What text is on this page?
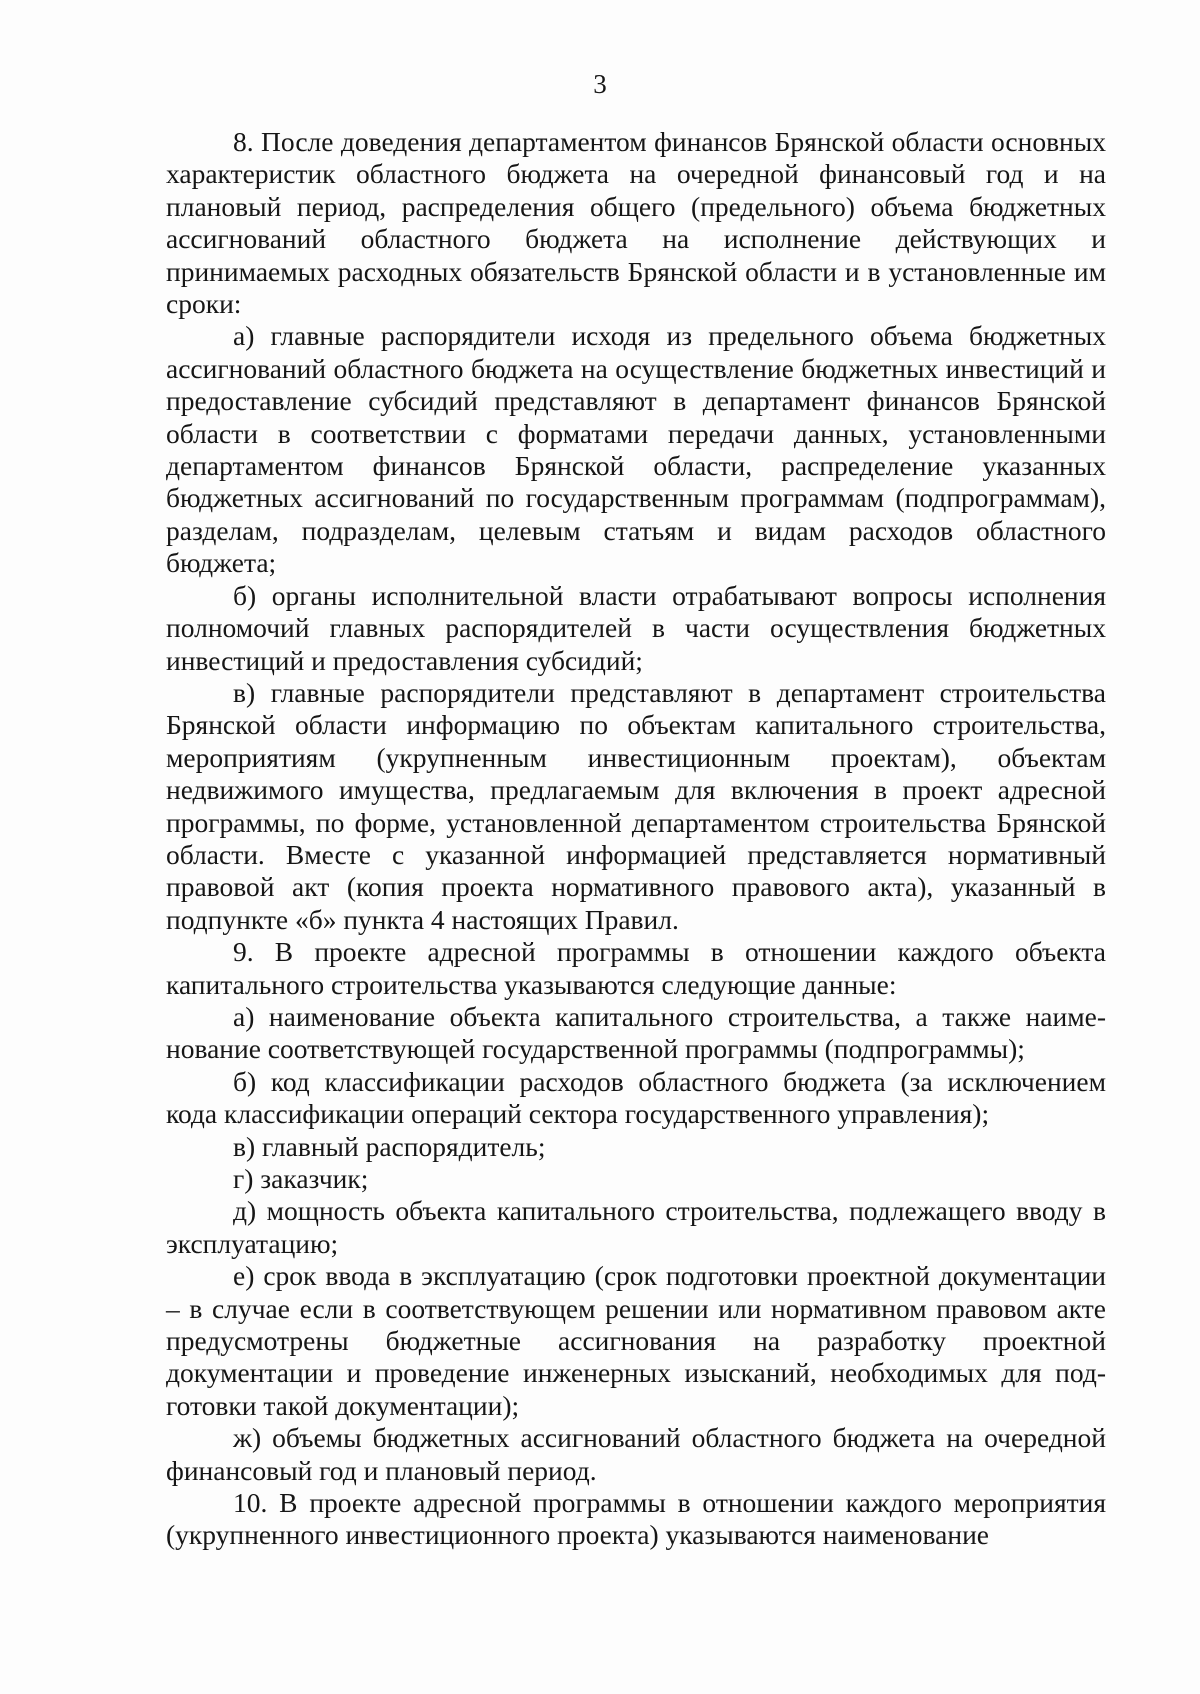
3

8. После доведения департаментом финансов Брянской области основных характеристик областного бюджета на очередной финансовый год и на плановый период, распределения общего (предельного) объема бюджетных ассигнований областного бюджета на исполнение действующих и принимаемых расходных обязательств Брянской области и в установленные им сроки:

а) главные распорядители исходя из предельного объема бюджетных ассигнований областного бюджета на осуществление бюджетных инвестиций и предоставление субсидий представляют в департамент финансов Брянской области в соответствии с форматами передачи данных, установленными департаментом финансов Брянской области, распределение указанных бюджетных ассигнований по государственным программам (подпрограммам), разделам, подразделам, целевым статьям и видам расходов областного бюджета;

б) органы исполнительной власти отрабатывают вопросы исполнения полномочий главных распорядителей в части осуществления бюджетных инвестиций и предоставления субсидий;

в) главные распорядители представляют в департамент строительства Брянской области информацию по объектам капитального строительства, мероприятиям (укрупненным инвестиционным проектам), объектам недвижимого имущества, предлагаемым для включения в проект адресной программы, по форме, установленной департаментом строительства Брянской области. Вместе с указанной информацией представляется нормативный правовой акт (копия проекта нормативного правового акта), указанный в подпункте «б» пункта 4 настоящих Правил.

9. В проекте адресной программы в отношении каждого объекта капитального строительства указываются следующие данные:

а) наименование объекта капитального строительства, а также наименование соответствующей государственной программы (подпрограммы);

б) код классификации расходов областного бюджета (за исключением кода классификации операций сектора государственного управления);

в) главный распорядитель;

г) заказчик;

д) мощность объекта капитального строительства, подлежащего вводу в эксплуатацию;

е) срок ввода в эксплуатацию (срок подготовки проектной документации – в случае если в соответствующем решении или нормативном правовом акте предусмотрены бюджетные ассигнования на разработку проектной документации и проведение инженерных изысканий, необходимых для подготовки такой документации);

ж) объемы бюджетных ассигнований областного бюджета на очередной финансовый год и плановый период.

10. В проекте адресной программы в отношении каждого мероприятия (укрупненного инвестиционного проекта) указываются наименование
